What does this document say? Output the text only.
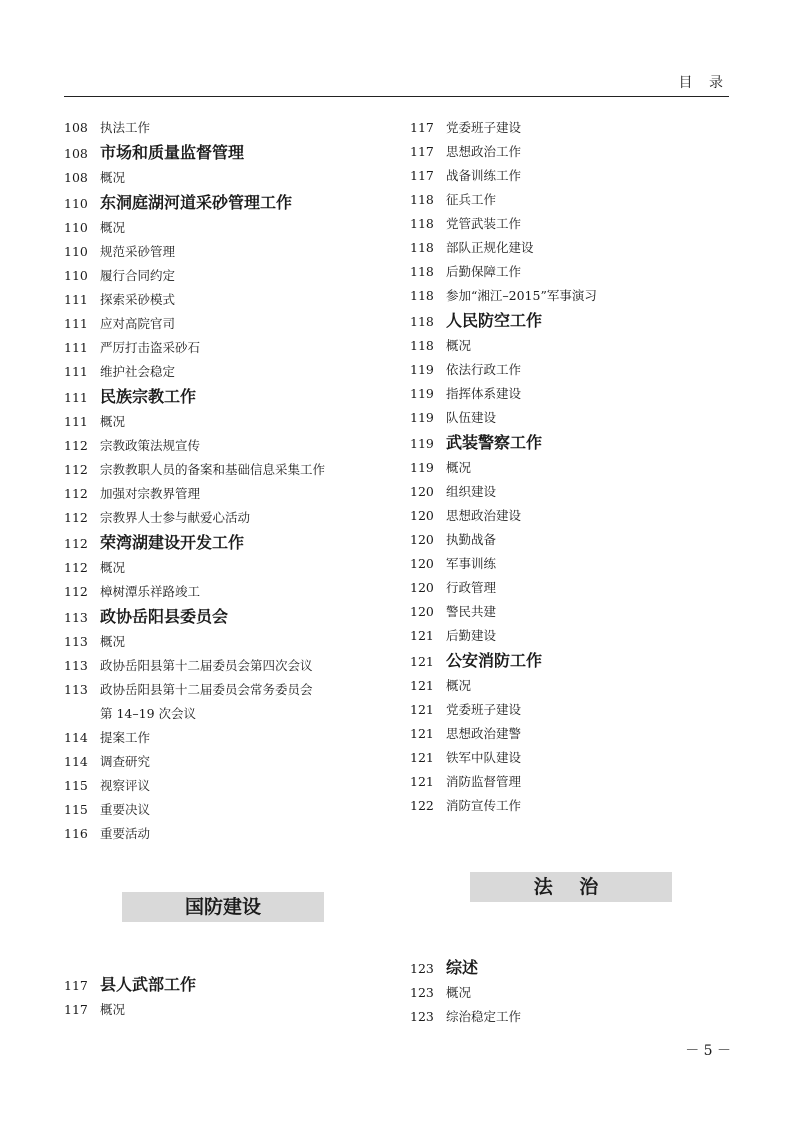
目 录
108 执法工作
108 市场和质量监督管理
108 概况
110 东洞庭湖河道采砂管理工作
110 概况
110 规范采砂管理
110 履行合同约定
111 探索采砂模式
111 应对高院官司
111 严厉打击盗采砂石
111 维护社会稳定
111 民族宗教工作
111 概况
112 宗教政策法规宣传
112 宗教教职人员的备案和基础信息采集工作
112 加强对宗教界管理
112 宗教界人士参与献爱心活动
112 荣湾湖建设开发工作
112 概况
112 樟树潭乐祥路竣工
113 政协岳阳县委员会
113 概况
113 政协岳阳县第十二届委员会第四次会议
113 政协岳阳县第十二届委员会常务委员会
第 14–19 次会议
114 提案工作
114 调查研究
115 视察评议
115 重要决议
116 重要活动
117 党委班子建设
117 思想政治工作
117 战备训练工作
118 征兵工作
118 党管武装工作
118 部队正规化建设
118 后勤保障工作
118 参加“湘江–2015”军事演习
118 人民防空工作
118 概况
119 依法行政工作
119 指挥体系建设
119 队伍建设
119 武装警察工作
119 概况
120 组织建设
120 思想政治建设
120 执勤战备
120 军事训练
120 行政管理
120 警民共建
121 后勤建设
121 公安消防工作
121 概况
121 党委班子建设
121 思想政治建警
121 铁军中队建设
121 消防监督管理
122 消防宣传工作
国防建设
法 治
117 县人武部工作
117 概况
123 综述
123 概况
123 综治稳定工作
－ 5 －
